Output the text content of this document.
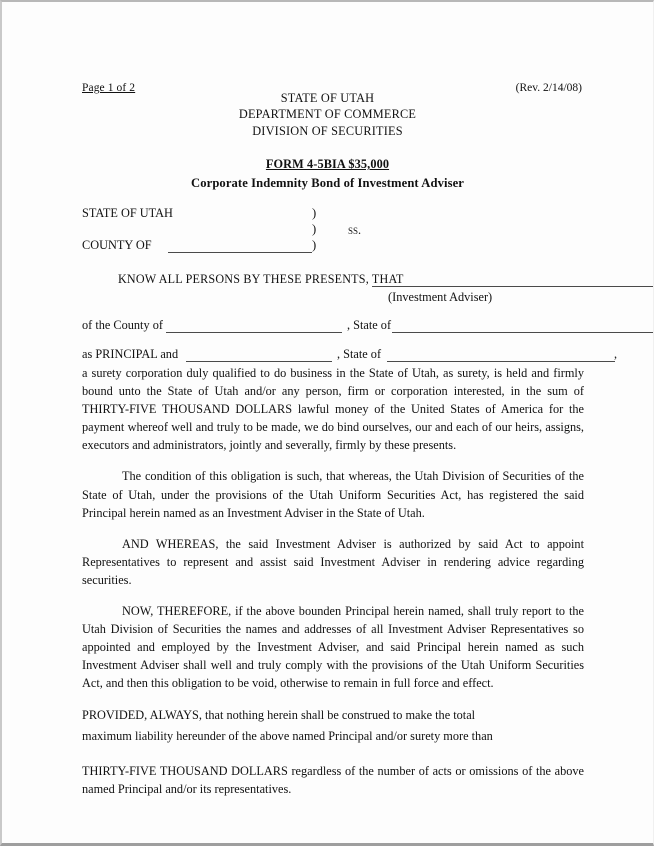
Page 1 of 2	(Rev. 2/14/08)
STATE OF UTAH
DEPARTMENT OF COMMERCE
DIVISION OF SECURITIES
FORM 4-5BIA $35,000
Corporate Indemnity Bond of Investment Adviser
STATE OF UTAH
COUNTY OF
)
)
)
ss.
KNOW ALL PERSONS BY THESE PRESENTS, THAT
(Investment Adviser)
of the County of	, State of
as PRINCIPAL and	, State of	,

a surety corporation duly qualified to do business in the State of Utah, as surety, is held and firmly bound unto the State of Utah and/or any person, firm or corporation interested, in the sum of THIRTY-FIVE THOUSAND DOLLARS lawful money of the United States of America for the payment whereof well and truly to be made, we do bind ourselves, our and each of our heirs, assigns, executors and administrators, jointly and severally, firmly by these presents.

The condition of this obligation is such, that whereas, the Utah Division of Securities of the State of Utah, under the provisions of the Utah Uniform Securities Act, has registered the said Principal herein named as an Investment Adviser in the State of Utah.

AND WHEREAS, the said Investment Adviser is authorized by said Act to appoint Representatives to represent and assist said Investment Adviser in rendering advice regarding securities.

NOW, THEREFORE, if the above bounden Principal herein named, shall truly report to the Utah Division of Securities the names and addresses of all Investment Adviser Representatives so appointed and employed by the Investment Adviser, and said Principal herein named as such Investment Adviser shall well and truly comply with the provisions of the Utah Uniform Securities Act, and then this obligation to be void, otherwise to remain in full force and effect.

PROVIDED, ALWAYS, that nothing herein shall be construed to make the total

maximum liability hereunder of the above named Principal and/or surety more than

THIRTY-FIVE THOUSAND DOLLARS regardless of the number of acts or omissions of the above named Principal and/or its representatives.
